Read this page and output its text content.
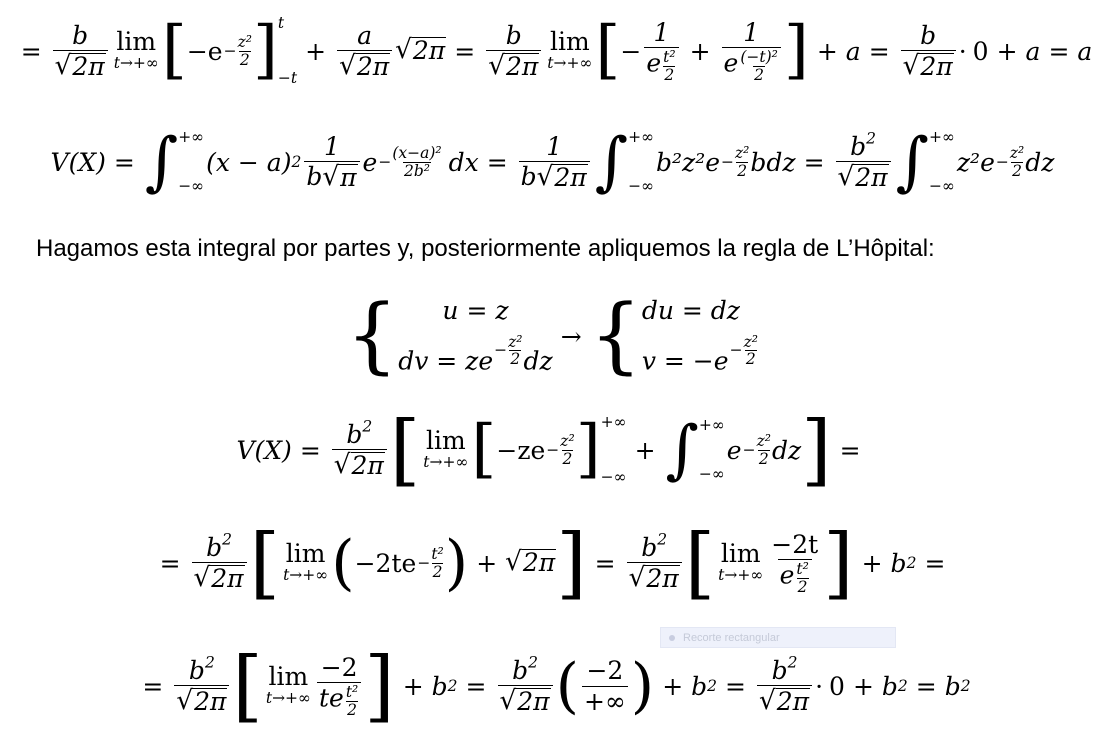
= $\frac{b}{√ 2\pi}$ lim
t→+∞ [ $-e - \frac{\text{z²}}{2}$ ] t
−t
+ $\frac{a}{√ 2\pi}$ √ $2\pi = \frac{b}{√ 2\pi}$ lim
t→+∞ [ − $\frac{1}{e \frac{\text{t²}}{2}} + \frac{1}{e \frac{\text{(−t)²}}{2}}$ ] + $a = \frac{b}{√ 2\pi} \cdot 0 + a = a$
V(X) = ∫ +∞
−∞
(x − a) $2 \frac{1}{b √ \pi}$ $e - \frac{\text{(x−a)²}}{\text{2b²}}$ dx = $\frac{1}{b √ 2\pi}$ ∫ +∞
−∞
b²z² $e - \frac{\text{z²}}{2}$ bdz = $\frac{b^2}{√ 2\pi}$ ∫ +∞
−∞
z² $e - \frac{\text{z²}}{2}$ dz
Hagamos esta integral por partes y, posteriormente apliquemos la regla de L’Hôpital:
{ u = z
dv = ze − $\frac{\text{z²}}{2}$ dz
→ { du = dz
$v = -e - \frac{\text{z²}}{2}$
$V(X) = \frac{b^2}{√ 2\pi}$ [ lim
t→+∞ [ $-ze - \frac{\text{z²}}{2}$ ] +∞
−∞
+ ∫ +∞
−∞
$e - \frac{\text{z²}}{2}$ dz ] =
= $\frac{b^2}{√ 2\pi}$ [ lim
t→+∞ ( $-2te - \frac{\text{t²}}{2}$ ) + √ 2π ] = $\frac{b^2}{√ 2\pi}$ [ lim
$t\to+\infty \frac{-2t}{e \frac{\text{t²}}{2}}$ ] + b 2 =
Recorte rectangular
= $\frac{b^2}{√ 2\pi}$ [ lim
$t\to+\infty \frac{-2}{te \frac{\text{t²}}{2}}$ ] + b $2 = \frac{b^2}{√ 2\pi}$ ( $\frac{-2}{+\infty}$ ) + b $2 = \frac{b^2}{√ 2\pi} \cdot 0 + b$ 2 = b 2
